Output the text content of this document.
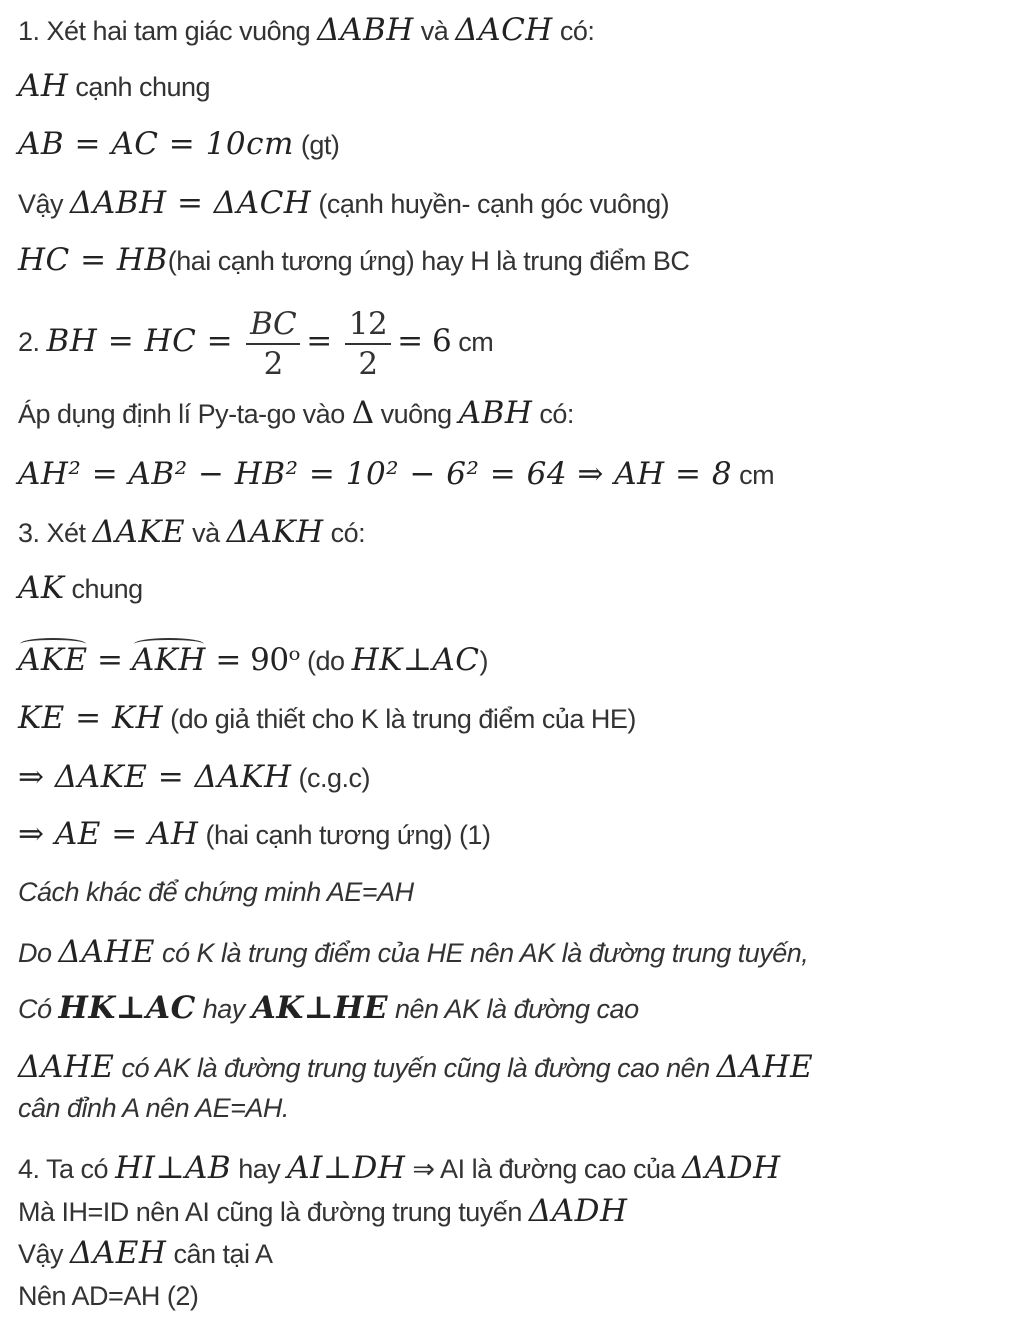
1. Xét hai tam giác vuông ΔABH và ΔACH có:
AH cạnh chung
AB = AC = 10cm (gt)
Vậy ΔABH = ΔACH (cạnh huyền- cạnh góc vuông)
HC = HB(hai cạnh tương ứng) hay H là trung điểm BC
2. BH = HC = $\frac{BC}{2} = \frac{12}{2} = 6$ cm
Áp dụng định lí Py-ta-go vào Δ vuông ABH có:
AH² = AB² − HB² = 10² − 6² = 64 ⇒ AH = 8 cm
3. Xét ΔAKE và ΔAKH có:
AK chung
AKE = AKH = 90ᵒ (do HK⊥AC)
KE = KH (do giả thiết cho K là trung điểm của HE)
⇒ ΔAKE = ΔAKH (c.g.c)
⇒ AE = AH (hai cạnh tương ứng) (1)
Cách khác để chứng minh AE=AH
Do ΔAHE có K là trung điểm của HE nên AK là đường trung tuyến,
Có HK⊥AC hay AK⊥HE nên AK là đường cao
ΔAHE có AK là đường trung tuyến cũng là đường cao nên ΔAHE
cân đỉnh A nên AE=AH.
4. Ta có HI⊥AB hay AI⊥DH ⇒ AI là đường cao của ΔADH
Mà IH=ID nên AI cũng là đường trung tuyến ΔADH
Vậy ΔAEH cân tại A
Nên AD=AH (2)
